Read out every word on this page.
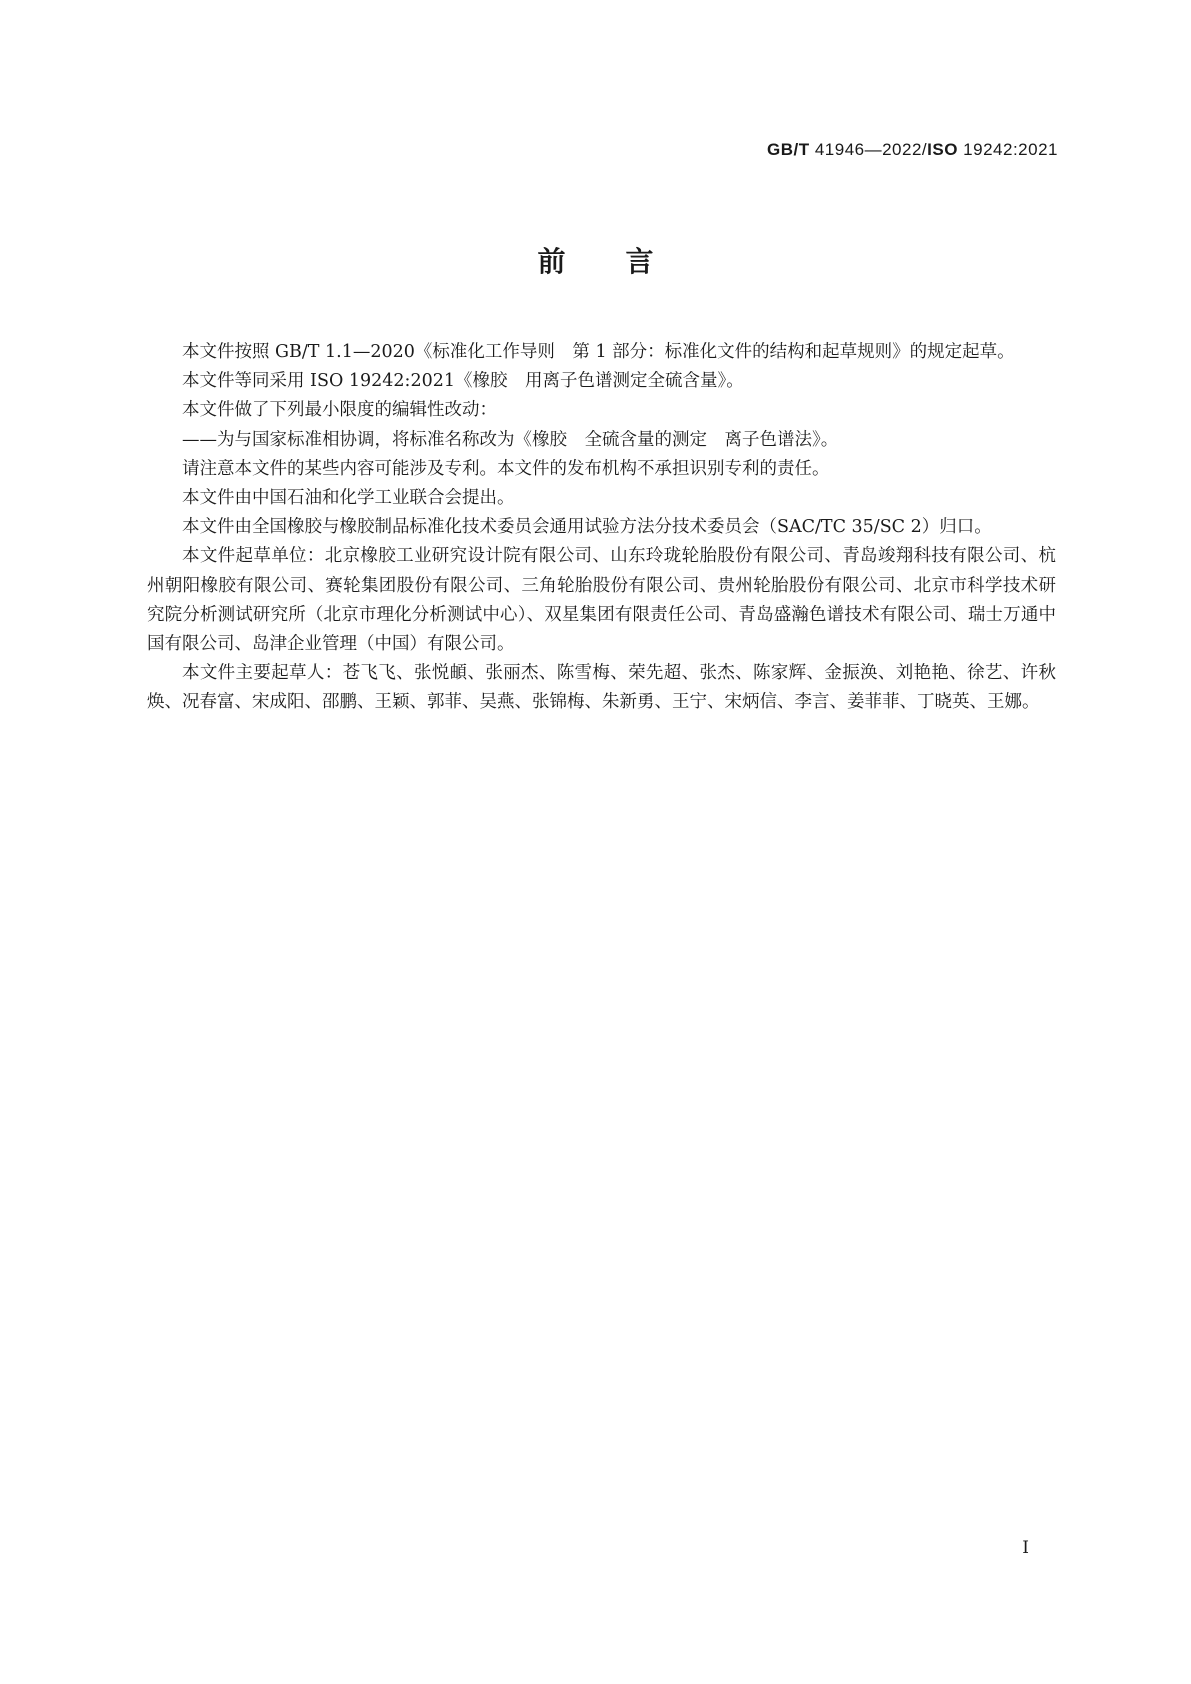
GB/T 41946—2022/ISO 19242:2021
前言

本文件按照 GB/T 1.1—2020《标准化工作导则　第 1 部分：标准化文件的结构和起草规则》的规定起草。

本文件等同采用 ISO 19242:2021《橡胶　用离子色谱测定全硫含量》。

本文件做了下列最小限度的编辑性改动：

——为与国家标准相协调，将标准名称改为《橡胶　全硫含量的测定　离子色谱法》。

请注意本文件的某些内容可能涉及专利。本文件的发布机构不承担识别专利的责任。

本文件由中国石油和化学工业联合会提出。

本文件由全国橡胶与橡胶制品标准化技术委员会通用试验方法分技术委员会（SAC/TC 35/SC 2）归口。

本文件起草单位：北京橡胶工业研究设计院有限公司、山东玲珑轮胎股份有限公司、青岛竣翔科技有限公司、杭州朝阳橡胶有限公司、赛轮集团股份有限公司、三角轮胎股份有限公司、贵州轮胎股份有限公司、北京市科学技术研究院分析测试研究所（北京市理化分析测试中心）、双星集团有限责任公司、青岛盛瀚色谱技术有限公司、瑞士万通中国有限公司、岛津企业管理（中国）有限公司。

本文件主要起草人：苍飞飞、张悦頔、张丽杰、陈雪梅、荣先超、张杰、陈家辉、金振涣、刘艳艳、徐艺、许秋焕、况春富、宋成阳、邵鹏、王颖、郭菲、吴燕、张锦梅、朱新勇、王宁、宋炳信、李言、姜菲菲、丁晓英、王娜。

I
